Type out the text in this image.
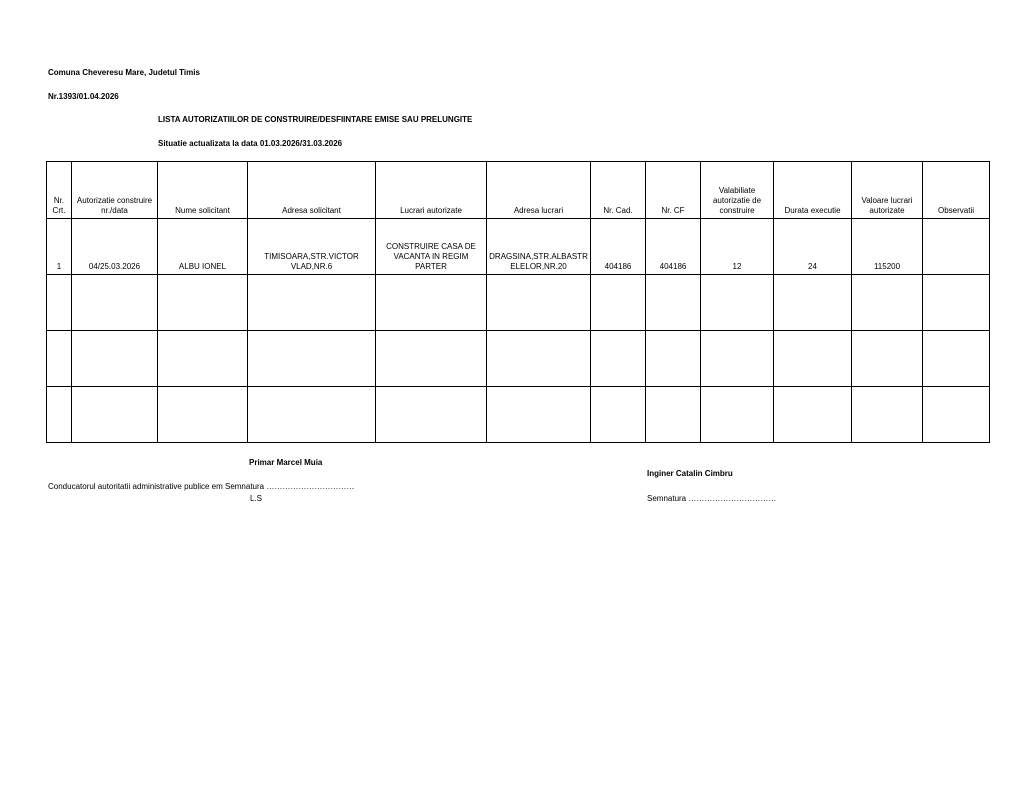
Comuna Cheveresu Mare, Judetul Timis
Nr.1393/01.04.2026
LISTA AUTORIZATIILOR DE CONSTRUIRE/DESFIINTARE EMISE SAU PRELUNGITE
Situatie actualizata la data 01.03.2026/31.03.2026
Nr. Crt.	Autorizatie construire nr./data	Nume solicitant	Adresa solicitant	Lucrari autorizate	Adresa lucrari	Nr. Cad.	Nr. CF	Valabiliate autorizatie de construire	Durata executie	Valoare lucrari autorizate	Observatii
1	04/25.03.2026	ALBU IONEL	TIMISOARA,STR.VICTOR VLAD,NR.6	CONSTRUIRE CASA DE VACANTA IN REGIM PARTER	DRAGSINA,STR.ALBASTRELELOR,NR.20	404186	404186	12	24	115200	

Primar Marcel Muia
Inginer Catalin Cimbru
Conducatorul autoritatii administrative publice em Semnatura ……………………………
L.S	Semnatura ……………………………
